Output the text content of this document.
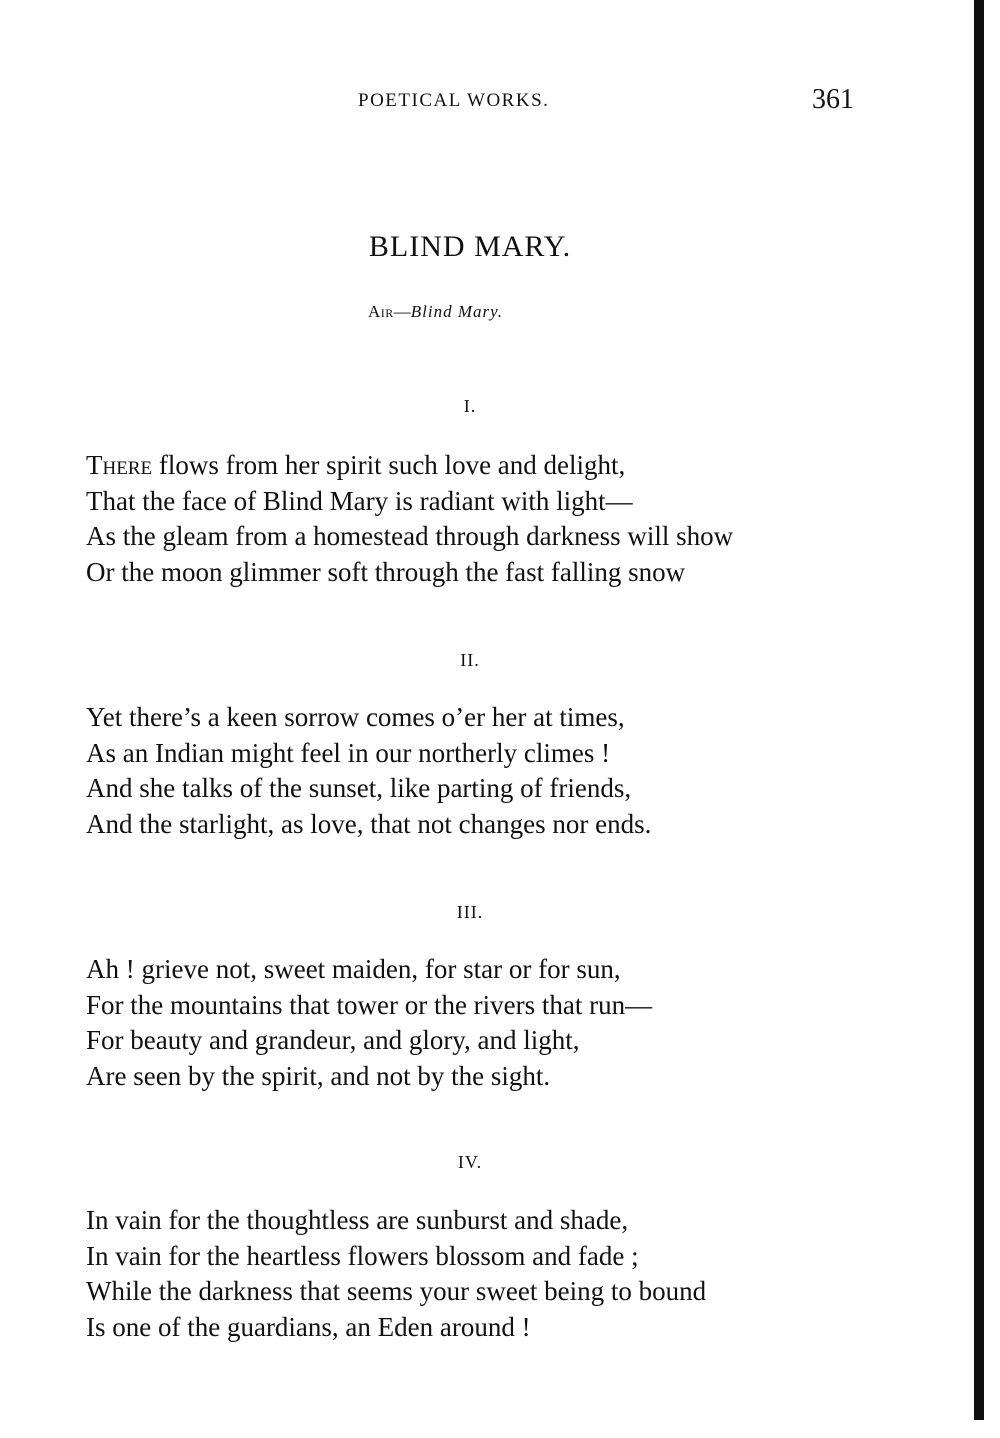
POETICAL WORKS.	361
BLIND MARY.
Air—Blind Mary.
I.
There flows from her spirit such love and delight,
That the face of Blind Mary is radiant with light—
As the gleam from a homestead through darkness will show
Or the moon glimmer soft through the fast falling snow
II.
Yet there’s a keen sorrow comes o’er her at times,
As an Indian might feel in our northerly climes !
And she talks of the sunset, like parting of friends,
And the starlight, as love, that not changes nor ends.
III.
Ah ! grieve not, sweet maiden, for star or for sun,
For the mountains that tower or the rivers that run—
For beauty and grandeur, and glory, and light,
Are seen by the spirit, and not by the sight.
IV.
In vain for the thoughtless are sunburst and shade,
In vain for the heartless flowers blossom and fade ;
While the darkness that seems your sweet being to bound
Is one of the guardians, an Eden around !
